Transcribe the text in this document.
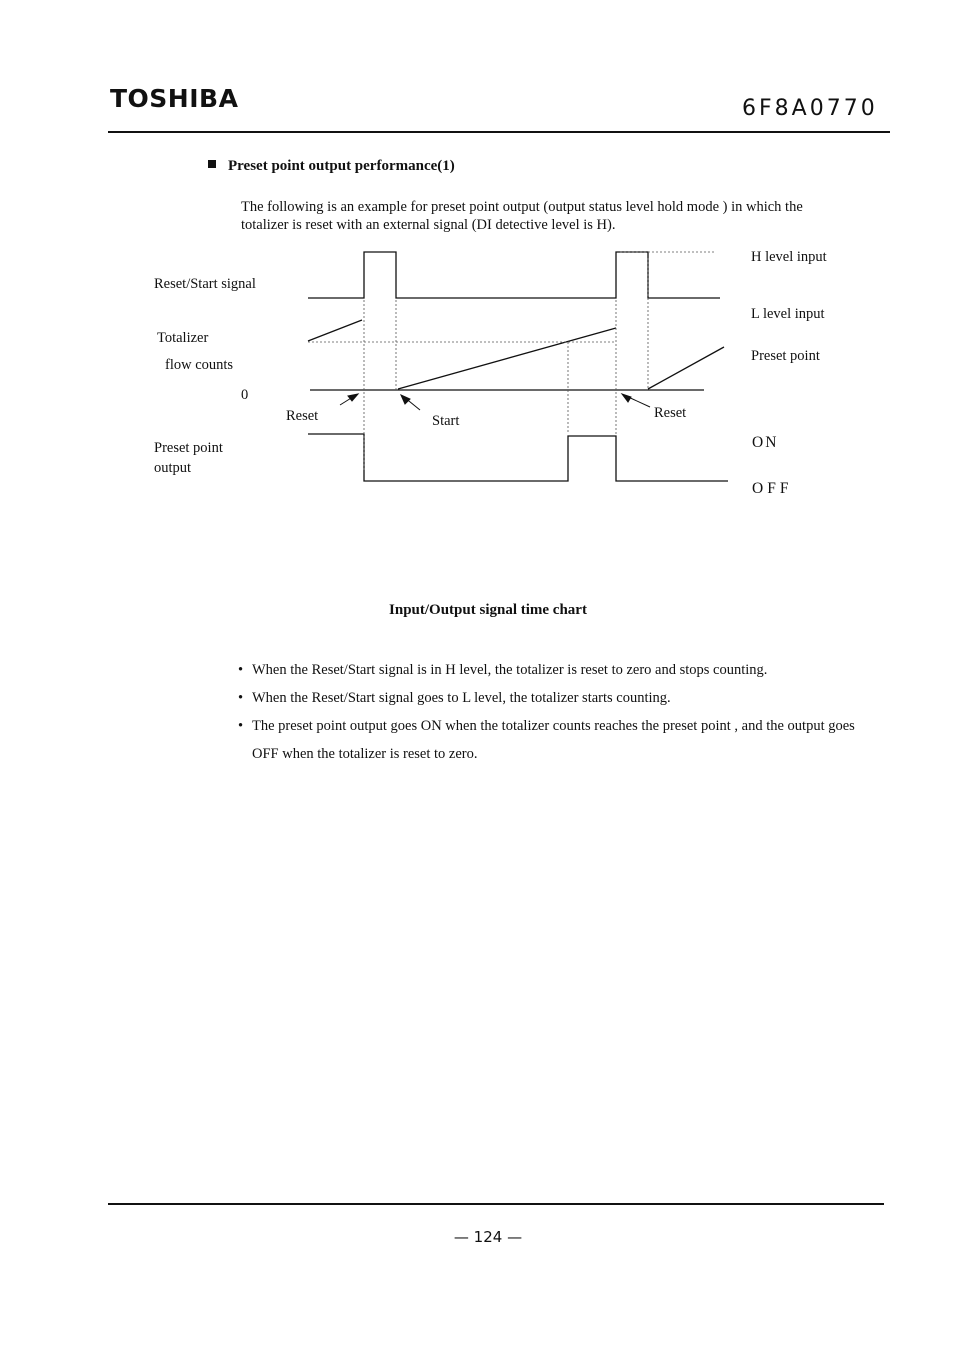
TOSHIBA	6F8A0770
Preset point output performance(1)
The following is an example for preset point output (output status level hold mode ) in which the totalizer is reset with an external signal (DI detective level is H).
Reset/Start signal
Totalizer
flow counts
0
Preset point
output
Reset	Start	Reset
H level input
L level input
Preset point
ON
OFF
Input/Output signal time chart
• When the Reset/Start signal is in H level, the totalizer is reset to zero and stops counting.
• When the Reset/Start signal goes to L level, the totalizer starts counting.
• The preset point output goes ON when the totalizer counts reaches the preset point , and the output goes OFF when the totalizer is reset to zero.
— 124 —
